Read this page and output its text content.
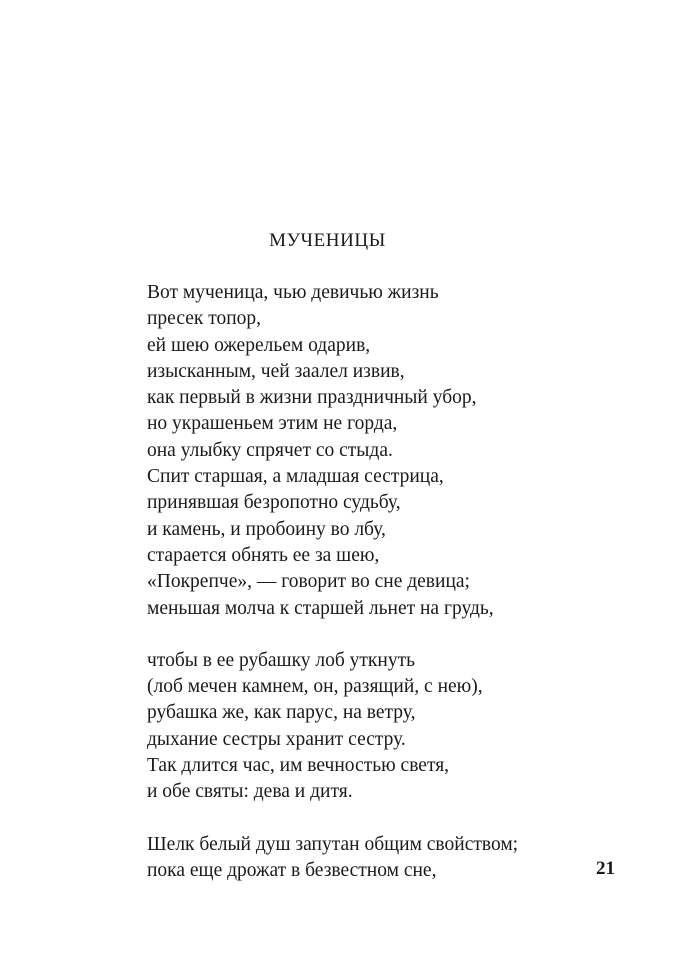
МУЧЕНИЦЫ
Вот мученица, чью девичью жизнь
пресек топор,
ей шею ожерельем одарив,
изысканным, чей заалел извив,
как первый в жизни праздничный убор,
но украшеньем этим не горда,
она улыбку спрячет со стыда.
Спит старшая, а младшая сестрица,
принявшая безропотно судьбу,
и камень, и пробоину во лбу,
старается обнять ее за шею,
«Покрепче», — говорит во сне девица;
меньшая молча к старшей льнет на грудь,
чтобы в ее рубашку лоб уткнуть
(лоб мечен камнем, он, разящий, с нею),
рубашка же, как парус, на ветру,
дыхание сестры хранит сестру.
Так длится час, им вечностью светя,
и обе святы: дева и дитя.
Шелк белый душ запутан общим свойством;
пока еще дрожат в безвестном сне,	21
